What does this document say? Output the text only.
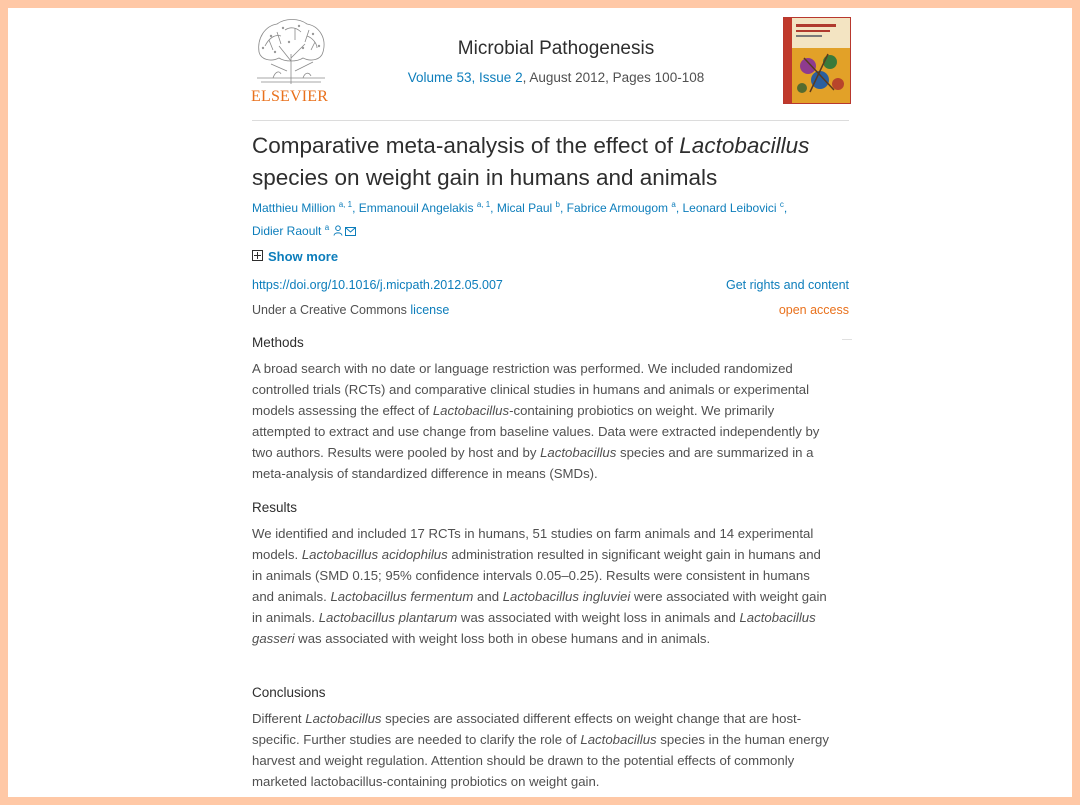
ELSEVIER
Microbial Pathogenesis
Volume 53, Issue 2, August 2012, Pages 100-108
Comparative meta-analysis of the effect of Lactobacillus
species on weight gain in humans and animals
Matthieu Million $^{a, 1}$, Emmanouil Angelakis $^{a, 1}$, Mical Paul $^b$, Fabrice Armougom $^a$, Leonard Leibovici $^c$,
Didier Raoult $^a$
Show more
https://doi.org/10.1016/j.micpath.2012.05.007	Get rights and content
Under a Creative Commons license	open access
Methods
A broad search with no date or language restriction was performed. We included randomized controlled trials (RCTs) and comparative clinical studies in humans and animals or experimental models assessing the effect of Lactobacillus-containing probiotics on weight. We primarily attempted to extract and use change from baseline values. Data were extracted independently by two authors. Results were pooled by host and by Lactobacillus species and are summarized in a meta-analysis of standardized difference in means (SMDs).
Results
We identified and included 17 RCTs in humans, 51 studies on farm animals and 14 experimental models. Lactobacillus acidophilus administration resulted in significant weight gain in humans and in animals (SMD 0.15; 95% confidence intervals 0.05–0.25). Results were consistent in humans and animals. Lactobacillus fermentum and Lactobacillus ingluviei were associated with weight gain in animals. Lactobacillus plantarum was associated with weight loss in animals and Lactobacillus gasseri was associated with weight loss both in obese humans and in animals.
Conclusions
Different Lactobacillus species are associated different effects on weight change that are host-specific. Further studies are needed to clarify the role of Lactobacillus species in the human energy harvest and weight regulation. Attention should be drawn to the potential effects of commonly marketed lactobacillus-containing probiotics on weight gain.
